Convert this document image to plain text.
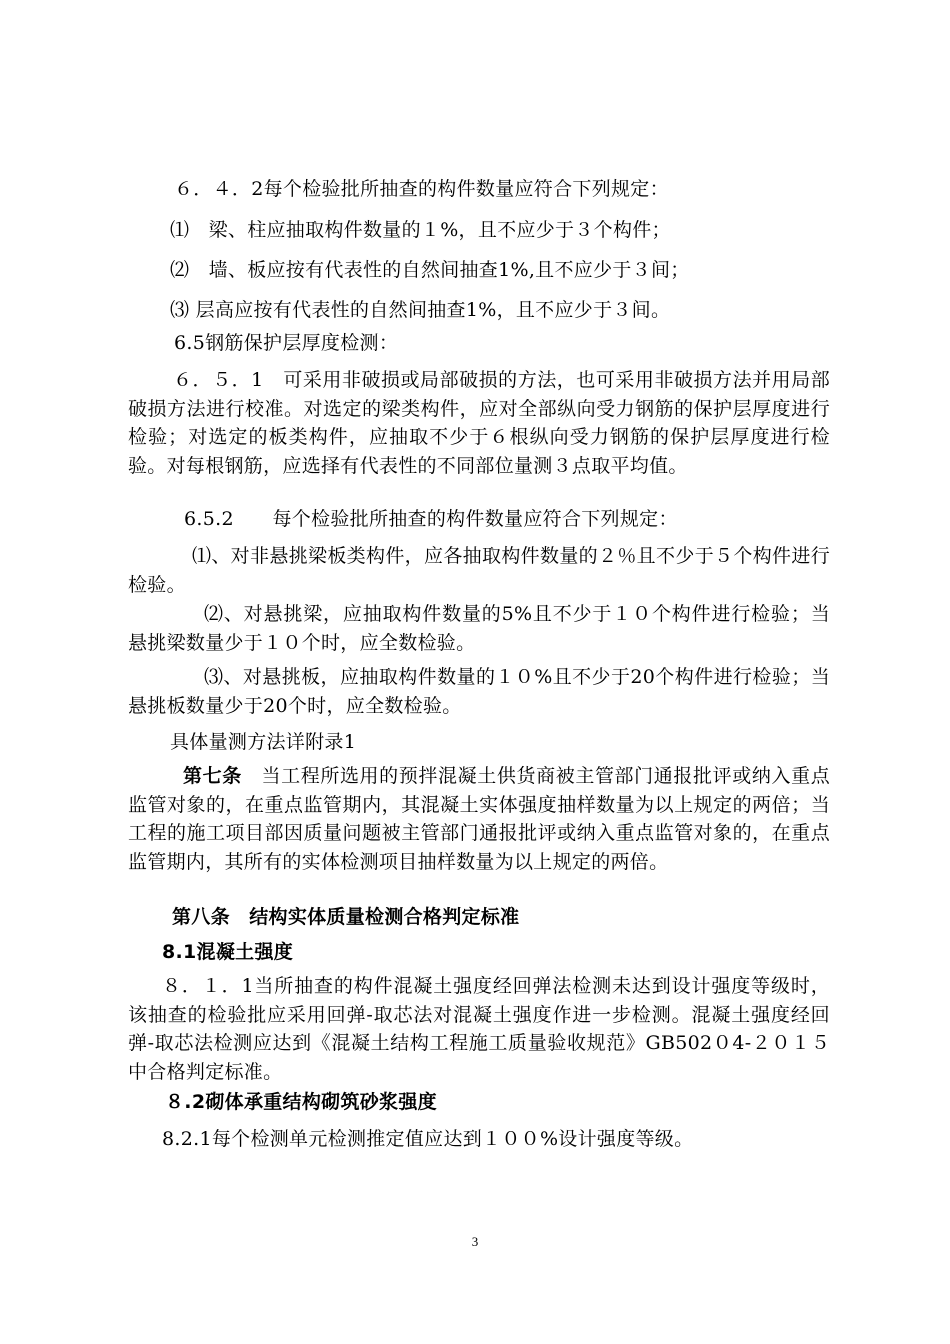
６．４．2每个检验批所抽查的构件数量应符合下列规定：
⑴　梁、柱应抽取构件数量的１%，且不应少于３个构件；
⑵　墙、板应按有代表性的自然间抽查1%,且不应少于３间；
⑶ 层高应按有代表性的自然间抽查1%，且不应少于３间。
6.5钢筋保护层厚度检测：
６．５．1　 可采用非破损或局部破损的方法，也可采用非破损方法并用局部破损方法进行校准。对选定的梁类构件，应对全部纵向受力钢筋的保护层厚度进行检验；对选定的板类构件，应抽取不少于６根纵向受力钢筋的保护层厚度进行检验。对每根钢筋，应选择有代表性的不同部位量测３点取平均值。
6.5.2　　每个检验批所抽查的构件数量应符合下列规定：
⑴、对非悬挑梁板类构件，应各抽取构件数量的２％且不少于５个构件进行检验。
⑵、对悬挑梁，应抽取构件数量的5%且不少于１０个构件进行检验；当悬挑梁数量少于１０个时，应全数检验。
⑶、对悬挑板，应抽取构件数量的１０%且不少于20个构件进行检验；当悬挑板数量少于20个时，应全数检验。
具体量测方法详附录1
第七条　 当工程所选用的预拌混凝土供货商被主管部门通报批评或纳入重点监管对象的，在重点监管期内，其混凝土实体强度抽样数量为以上规定的两倍；当工程的施工项目部因质量问题被主管部门通报批评或纳入重点监管对象的，在重点监管期内，其所有的实体检测项目抽样数量为以上规定的两倍。
第八条　 结构实体质量检测合格判定标准
8.1混凝土强度
８．１．1当所抽查的构件混凝土强度经回弹法检测未达到设计强度等级时，该抽查的检验批应采用回弹-取芯法对混凝土强度作进一步检测。混凝土强度经回弹-取芯法检测应达到《混凝土结构工程施工质量验收规范》GB502０4-２０１５中合格判定标准。
８.2砌体承重结构砌筑砂浆强度
8.2.1每个检测单元检测推定值应达到１００%设计强度等级。
3
